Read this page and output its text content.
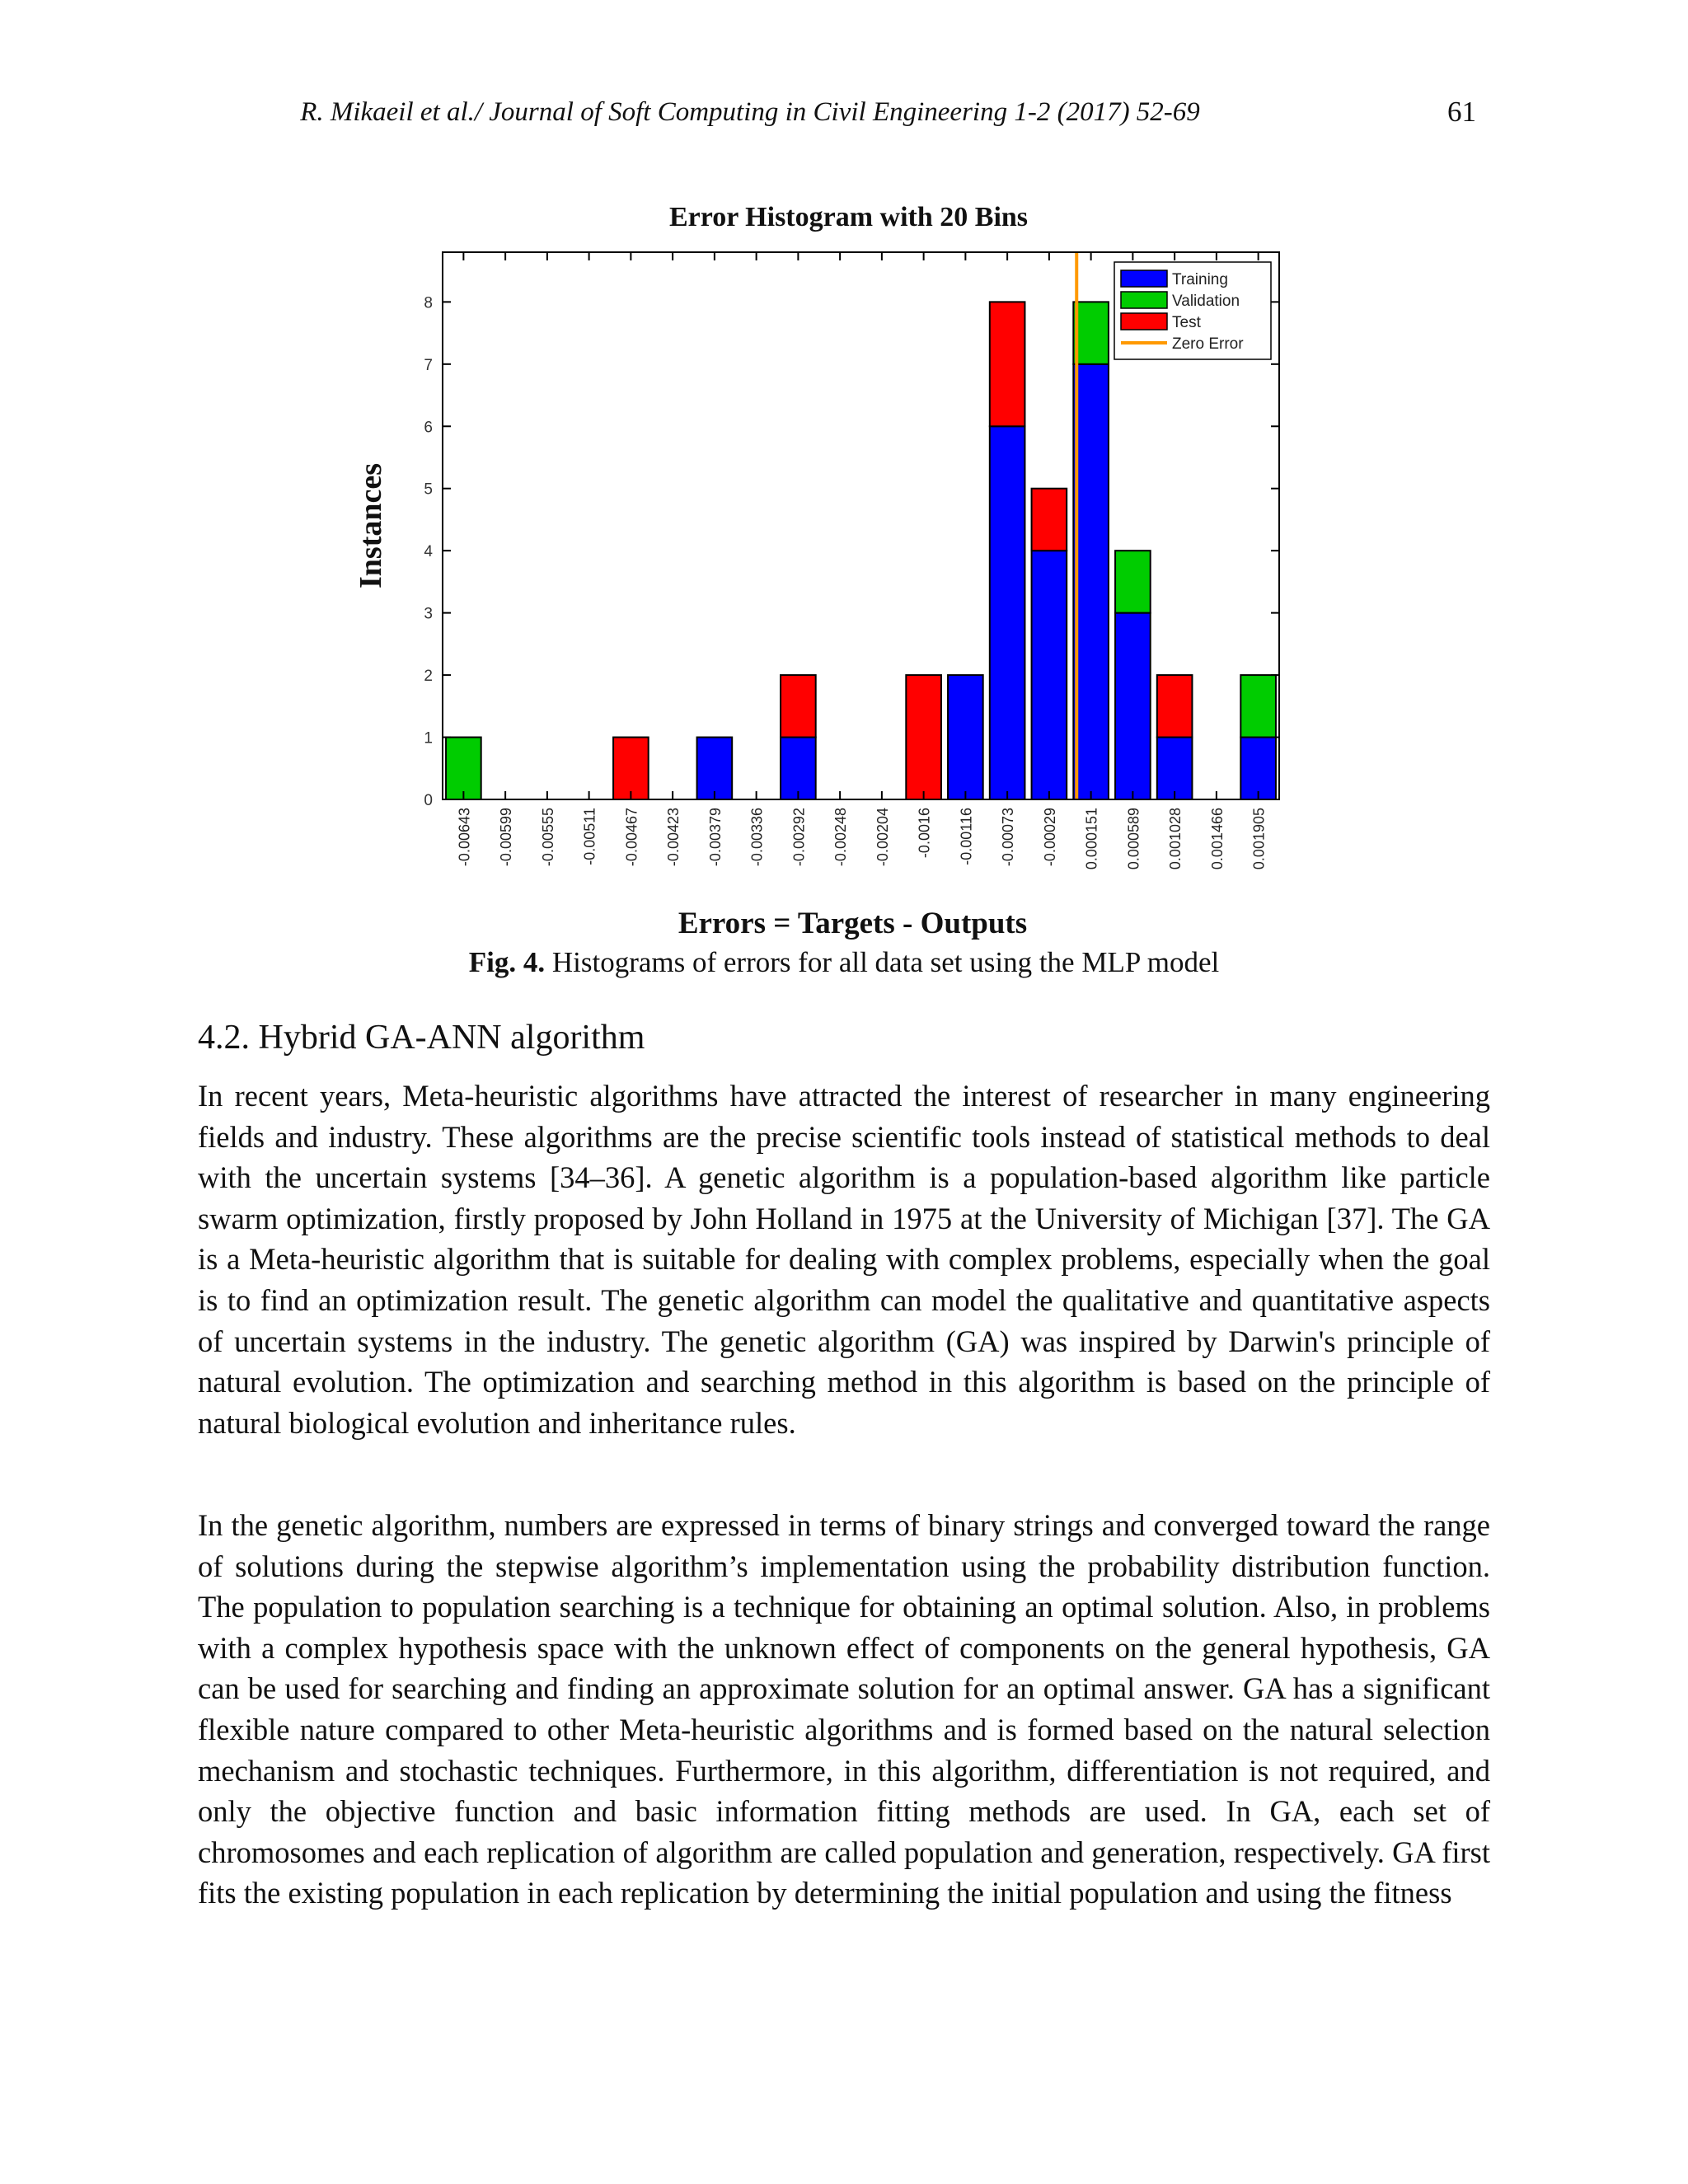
R. Mikaeil et al./ Journal of Soft Computing in Civil Engineering 1-2 (2017) 52-69	61
Error Histogram with 20 Bins
Errors = Targets - Outputs
Instances
0
1
2
3
4
5
6
7
8
-0.00643 -0.00599 -0.00555 -0.00511 -0.00467 -0.00423 -0.00379 -0.00336 -0.00292 -0.00248 -0.00204 -0.0016 -0.00116 -0.00073 -0.00029 0.000151 0.000589 0.001028 0.001466 0.001905
Training
Validation
Test
Zero Error
Fig. 4. Histograms of errors for all data set using the MLP model
4.2. Hybrid GA-ANN algorithm

In recent years, Meta-heuristic algorithms have attracted the interest of researcher in many engineering fields and industry. These algorithms are the precise scientific tools instead of statistical methods to deal with the uncertain systems [34–36]. A genetic algorithm is a population-based algorithm like particle swarm optimization, firstly proposed by John Holland in 1975 at the University of Michigan [37]. The GA is a Meta-heuristic algorithm that is suitable for dealing with complex problems, especially when the goal is to find an optimization result. The genetic algorithm can model the qualitative and quantitative aspects of uncertain systems in the industry. The genetic algorithm (GA) was inspired by Darwin's principle of natural evolution. The optimization and searching method in this algorithm is based on the principle of natural biological evolution and inheritance rules.

In the genetic algorithm, numbers are expressed in terms of binary strings and converged toward the range of solutions during the stepwise algorithm’s implementation using the probability distribution function. The population to population searching is a technique for obtaining an optimal solution. Also, in problems with a complex hypothesis space with the unknown effect of components on the general hypothesis, GA can be used for searching and finding an approximate solution for an optimal answer. GA has a significant flexible nature compared to other Meta-heuristic algorithms and is formed based on the natural selection mechanism and stochastic techniques. Furthermore, in this algorithm, differentiation is not required, and only the objective function and basic information fitting methods are used. In GA, each set of chromosomes and each replication of algorithm are called population and generation, respectively. GA first fits the existing population in each replication by determining the initial population and using the fitness
